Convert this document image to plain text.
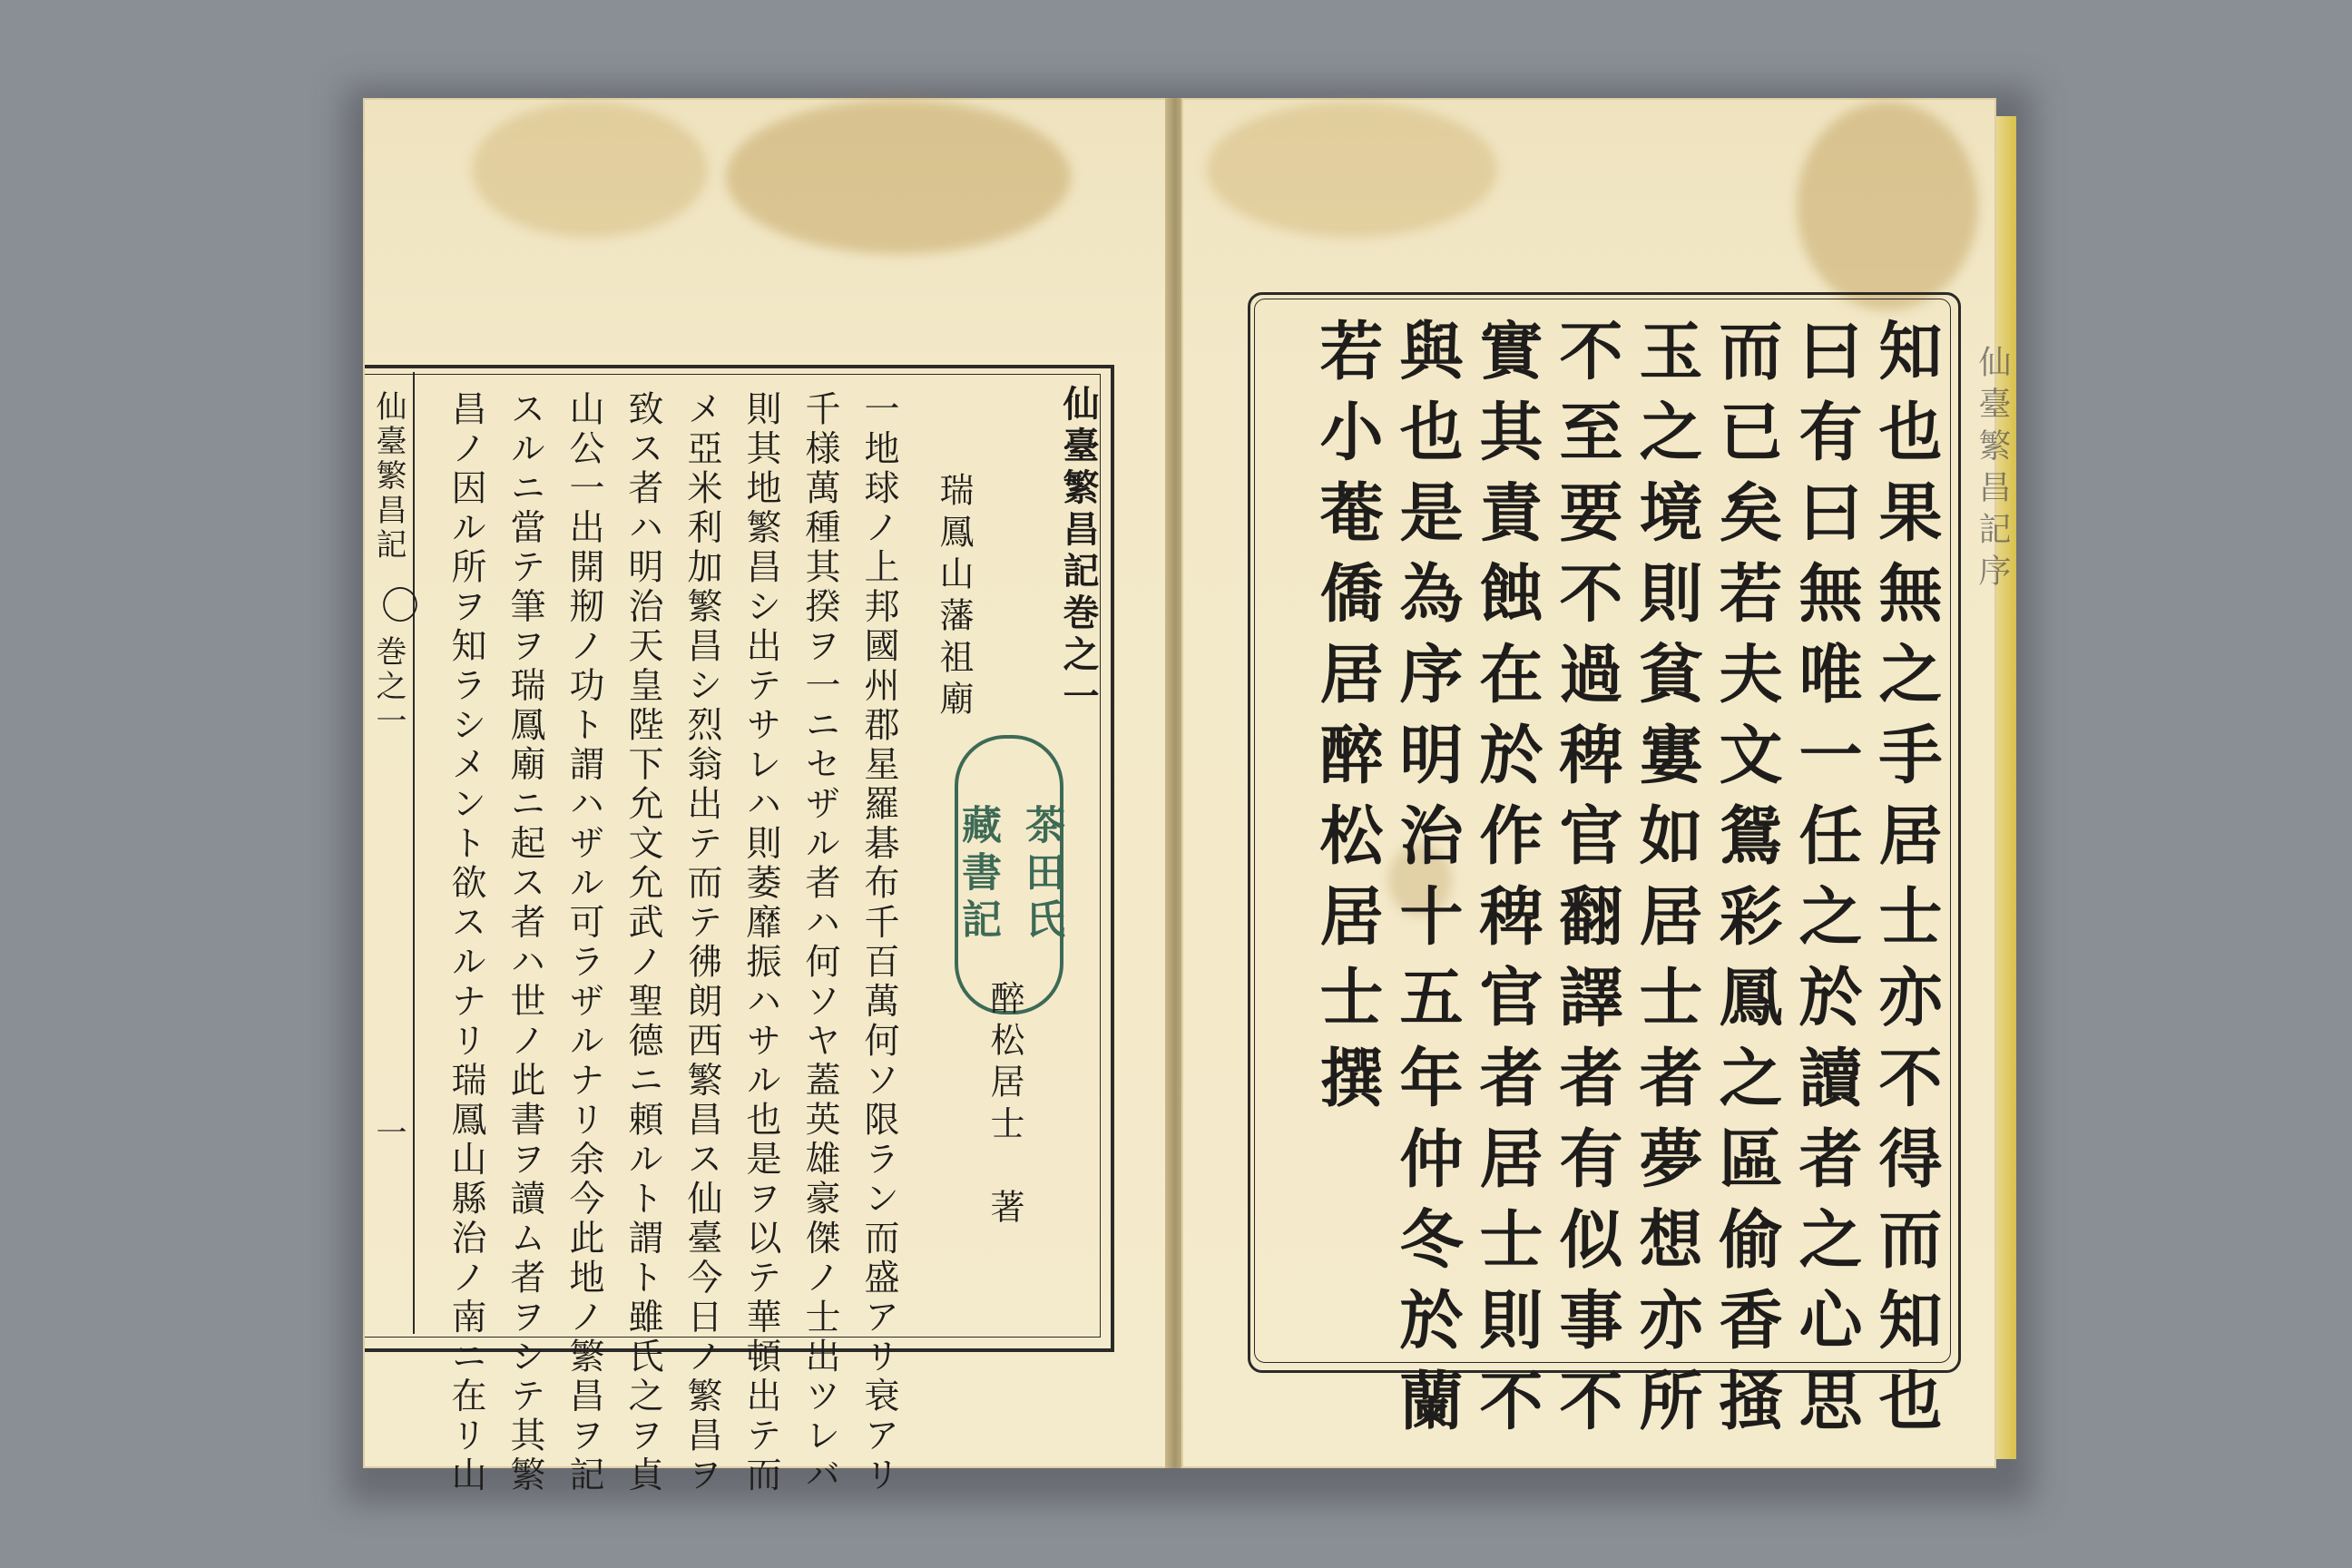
仙臺繁昌記
〇
巻之一
一
仙臺繁昌記巻之一
瑞鳳山藩祖廟
茶田氏
藏書記
醉松居士
著
一地球ノ上邦國州郡星羅碁布千百萬何ソ限ラン而盛アリ衰アリ
千様萬種其揆ヲ一ニセザル者ハ何ソヤ蓋英雄豪傑ノ士出ツレバ
則其地繁昌シ出テサレハ則萎靡振ハサル也是ヲ以テ華頓出テ而
メ亞米利加繁昌シ烈翁出テ而テ彿朗西繁昌ス仙臺今日ノ繁昌ヲ
致ス者ハ明治天皇陛下允文允武ノ聖德ニ頼ルト謂ト雖氏之ヲ貞
山公一出開剏ノ功ト謂ハザル可ラザルナリ余今此地ノ繁昌ヲ記
スルニ當テ筆ヲ瑞鳳廟ニ起ス者ハ世ノ此書ヲ讀ム者ヲシテ其繁
昌ノ因ル所ヲ知ラシメント欲スルナリ瑞鳳山縣治ノ南ニ在リ山	仙臺繁昌記序
知也果無之手居士亦不得而知也
曰有曰無唯一任之於讀者之心思
而已矣若夫文鴛彩鳳之區偷香掻
玉之境則貧寠如居士者夢想亦所
不至要不過稗官翻譯者有似事不
實其責蝕在於作稗官者居士則不
與也是為序明治十五年仲冬於蘭
若小菴僑居醉松居士撰
